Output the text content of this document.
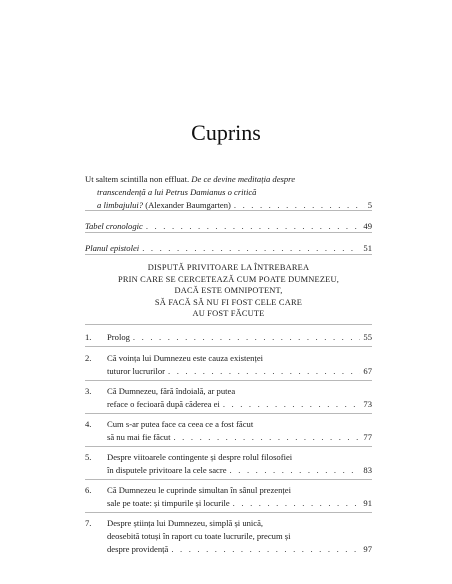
Cuprins
Ut saltem scintilla non effluat. De ce devine meditația despre
transcendență a lui Petrus Damianus o critică
a limbajului? (Alexander Baumgarten) . . .	5
Tabel cronologic . . .	49
Planul epistolei . . .	51
DISPUTĂ PRIVITOARE LA ÎNTREBAREA
PRIN CARE SE CERCETEAZĂ CUM POATE DUMNEZEU,
DACĂ ESTE OMNIPOTENT,
SĂ FACĂ SĂ NU FI FOST CELE CARE
AU FOST FĂCUTE
1.	Prolog . . .	55
2.	Că voința lui Dumnezeu este cauza existenței
tuturor lucrurilor . . .	67
3.	Că Dumnezeu, fără îndoială, ar putea
reface o fecioară după căderea ei . . .	73
4.	Cum s-ar putea face ca ceea ce a fost făcut
să nu mai fie făcut . . .	77
5.	Despre viitoarele contingente și despre rolul filosofiei
în disputele privitoare la cele sacre . . .	83
6.	Că Dumnezeu le cuprinde simultan în sânul prezenței
sale pe toate: și timpurile și locurile . . .	91
7.	Despre știința lui Dumnezeu, simplă și unică,
deosebită totuși în raport cu toate lucrurile, precum și
despre providență . . .	97
